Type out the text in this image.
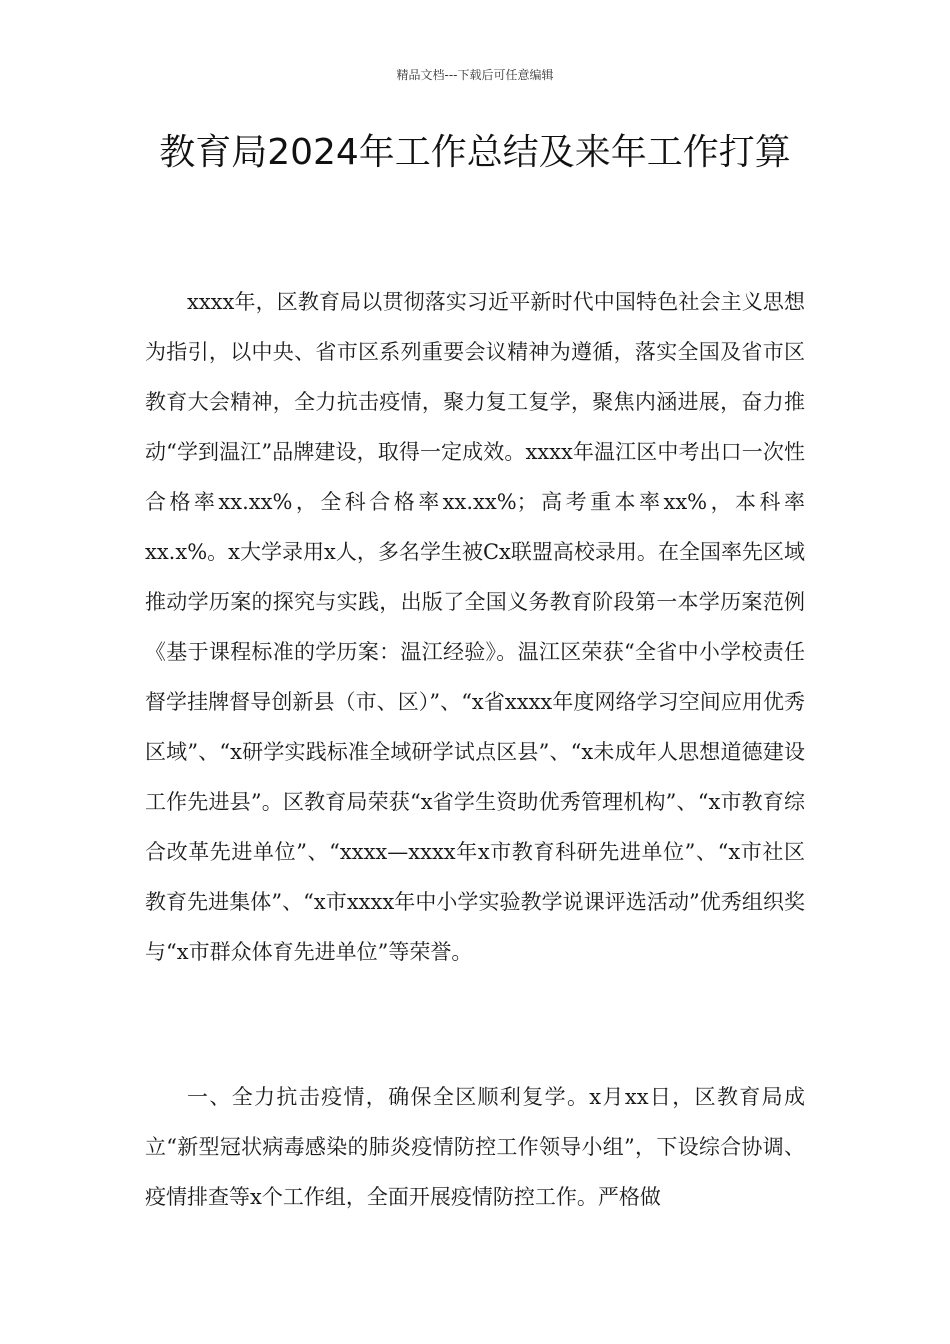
精品文档---下载后可任意编辑
教育局2024年工作总结及来年工作打算

xxxx年，区教育局以贯彻落实习近平新时代中国特色社会主义思想为指引，以中央、省市区系列重要会议精神为遵循，落实全国及省市区教育大会精神，全力抗击疫情，聚力复工复学，聚焦内涵进展，奋力推动“学到温江”品牌建设，取得一定成效。xxxx年温江区中考出口一次性合格率xx.xx%，全科合格率xx.xx%；高考重本率xx%，本科率xx.x%。x大学录用x人，多名学生被Cx联盟高校录用。在全国率先区域推动学历案的探究与实践，出版了全国义务教育阶段第一本学历案范例《基于课程标准的学历案：温江经验》。温江区荣获“全省中小学校责任督学挂牌督导创新县（市、区）”、“x省xxxx年度网络学习空间应用优秀区域”、“x研学实践标准全域研学试点区县”、“x未成年人思想道德建设工作先进县”。区教育局荣获“x省学生资助优秀管理机构”、“x市教育综合改革先进单位”、“xxxx—xxxx年x市教育科研先进单位”、“x市社区教育先进集体”、“x市xxxx年中小学实验教学说课评选活动”优秀组织奖与“x市群众体育先进单位”等荣誉。

一、全力抗击疫情，确保全区顺利复学。x月xx日，区教育局成立“新型冠状病毒感染的肺炎疫情防控工作领导小组”，下设综合协调、疫情排查等x个工作组，全面开展疫情防控工作。严格做
